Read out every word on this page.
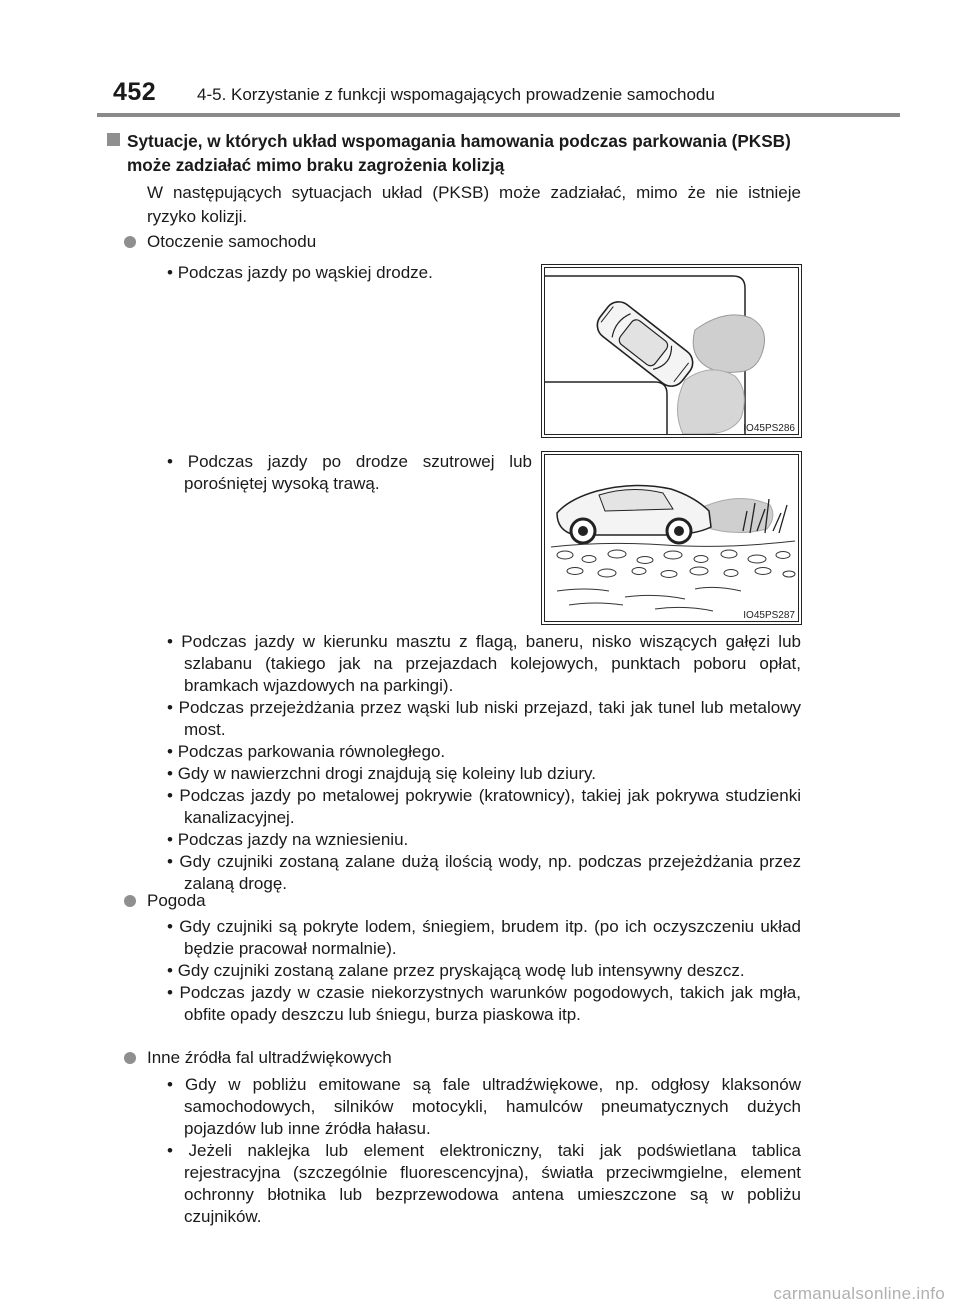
452 4-5. Korzystanie z funkcji wspomagających prowadzenie samochodu
Sytuacje, w których układ wspomagania hamowania podczas parkowania (PKSB) może zadziałać mimo braku zagrożenia kolizją
W następujących sytuacjach układ (PKSB) może zadziałać, mimo że nie istnieje ryzyko kolizji.
Otoczenie samochodu
• Podczas jazdy po wąskiej drodze.
IO45PS286
• Podczas jazdy po drodze szutrowej lub porośniętej wysoką trawą.
IO45PS287
• Podczas jazdy w kierunku masztu z flagą, baneru, nisko wiszących gałęzi lub szlabanu (takiego jak na przejazdach kolejowych, punktach poboru opłat, bramkach wjazdowych na parkingi).
• Podczas przejeżdżania przez wąski lub niski przejazd, taki jak tunel lub metalowy most.
• Podczas parkowania równoległego.
• Gdy w nawierzchni drogi znajdują się koleiny lub dziury.
• Podczas jazdy po metalowej pokrywie (kratownicy), takiej jak pokrywa studzienki kanalizacyjnej.
• Podczas jazdy na wzniesieniu.
• Gdy czujniki zostaną zalane dużą ilością wody, np. podczas przejeżdżania przez zalaną drogę.
Pogoda
• Gdy czujniki są pokryte lodem, śniegiem, brudem itp. (po ich oczyszczeniu układ będzie pracował normalnie).
• Gdy czujniki zostaną zalane przez pryskającą wodę lub intensywny deszcz.
• Podczas jazdy w czasie niekorzystnych warunków pogodowych, takich jak mgła, obfite opady deszczu lub śniegu, burza piaskowa itp.
Inne źródła fal ultradźwiękowych
• Gdy w pobliżu emitowane są fale ultradźwiękowe, np. odgłosy klaksonów samochodowych, silników motocykli, hamulców pneumatycznych dużych pojazdów lub inne źródła hałasu.
• Jeżeli naklejka lub element elektroniczny, taki jak podświetlana tablica rejestracyjna (szczególnie fluorescencyjna), światła przeciwmgielne, element ochronny błotnika lub bezprzewodowa antena umieszczone są w pobliżu czujników.
carmanualsonline.info
